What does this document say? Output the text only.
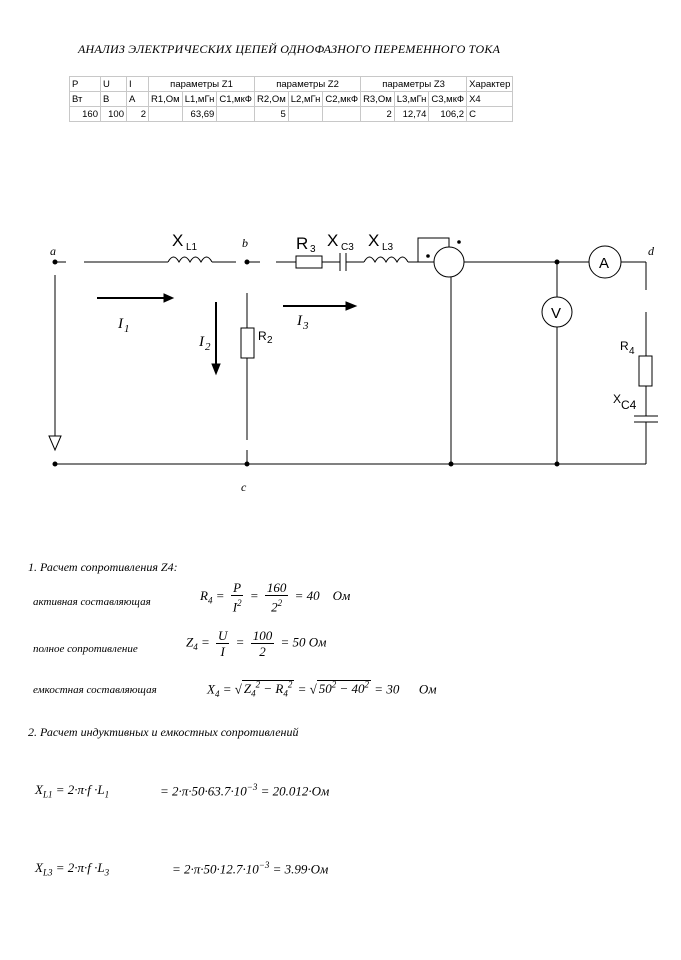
АНАЛИЗ ЭЛЕКТРИЧЕСКИХ ЦЕПЕЙ ОДНОФАЗНОГО ПЕРЕМЕННОГО ТОКА
P	U	I	параметры Z1			параметры Z2			параметры Z3			Характер
Вт	В	А	R1,Ом	L1,мГн	C1,мкФ	R2,Ом	L2,мГн	C2,мкФ	R3,Ом	L3,мГн	C3,мкФ	X4
160	100	2		63,69		5			2	12,74	106,2	C
a
b
c
d
X L1	R 3 X C3 X L3
R 2	R 4
X C4
A
V
I 1
I 2
I 3
1. Расчет сопротивления Z4:
активная составляющая	$R_4 = \frac{P}{I^2} = \frac{160}{2^2} = 40$ Ом
полное сопротивление	$Z_4 = \frac{U}{I} = \frac{100}{2} = 50$ Ом
емкостная составляющая	$X_4$ = √ $Z_4^2 - R_4^2$ = √ $50^2 - 40^2 = 30$ Ом
2. Расчет индуктивных и емкостных сопротивлений
$X_{L1} = 2\cdot\pi\cdot f \cdot L_1$	= $2\cdot\pi\cdot 50\cdot 63.7\cdot 10^{-3} = 20.012\cdot Ом$
$X_{L3} = 2\cdot\pi\cdot f \cdot L_3$	= $2\cdot\pi\cdot 50\cdot 12.7\cdot 10^{-3} = 3.99\cdot Ом$
